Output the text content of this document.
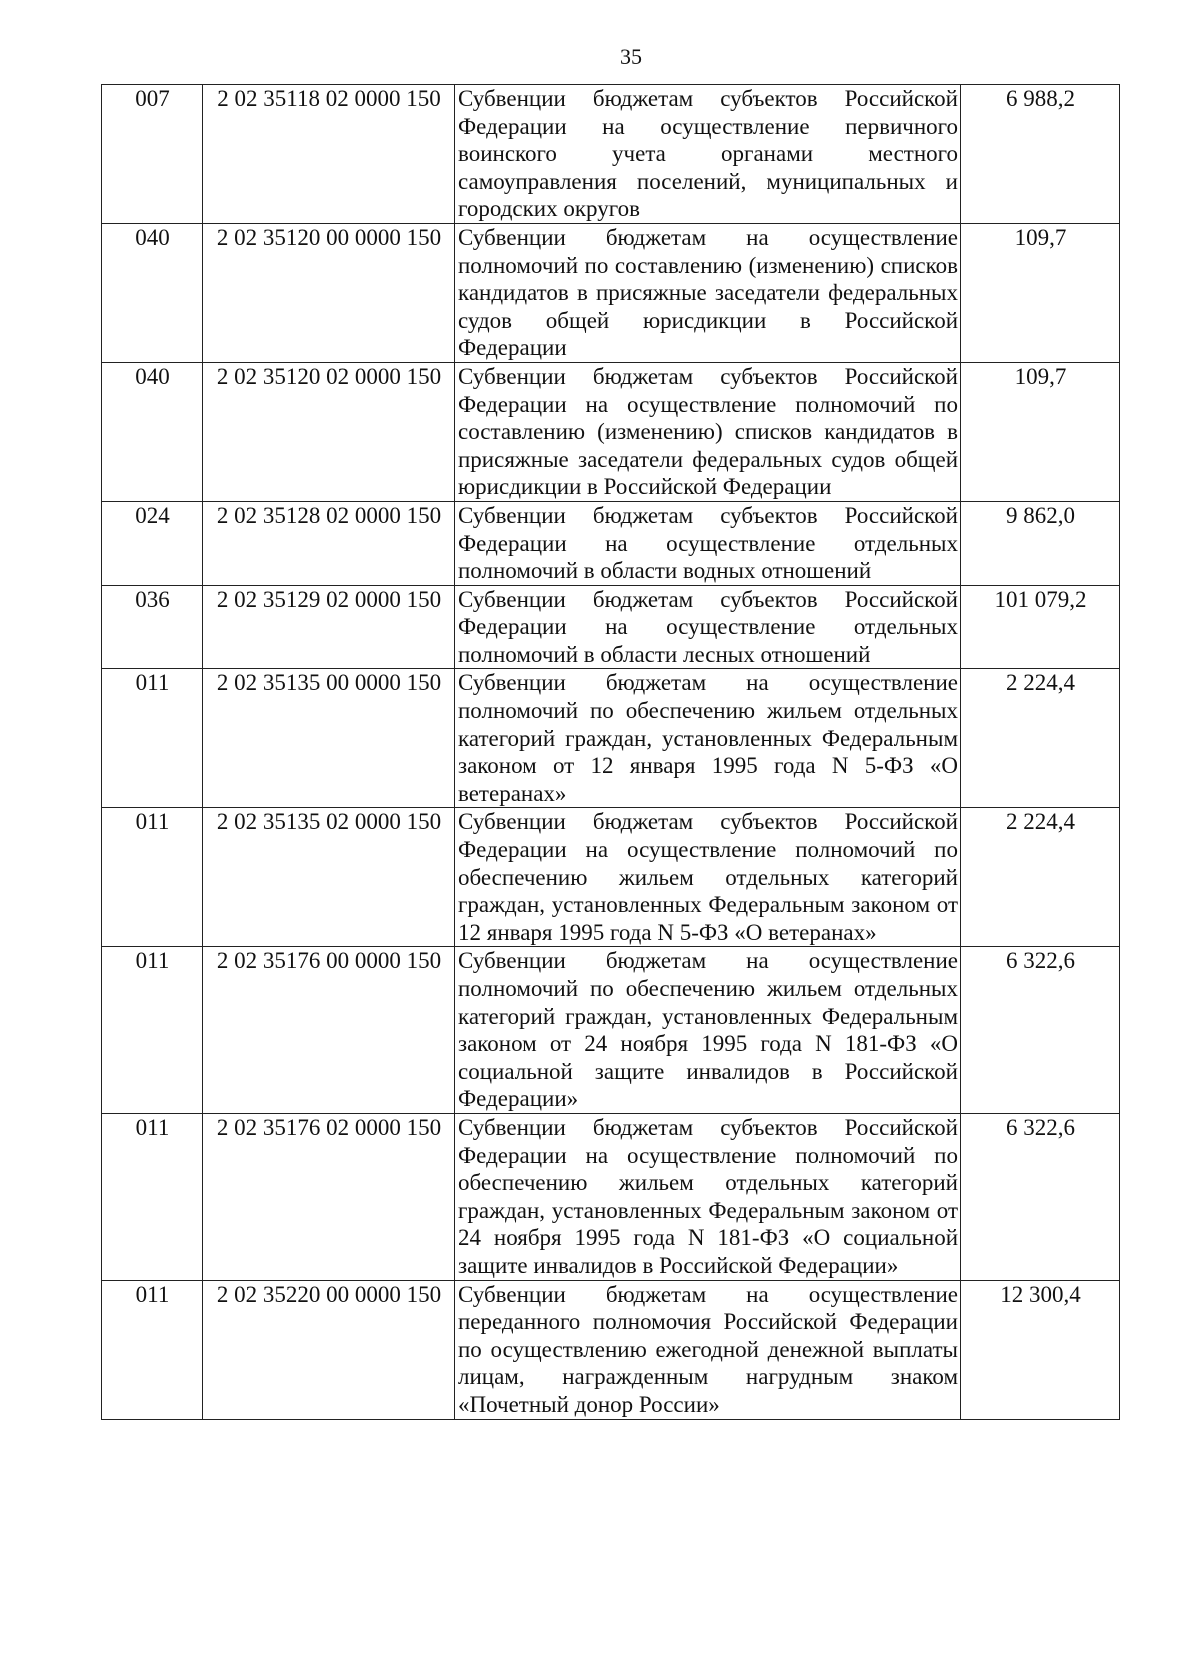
35
007	2 02 35118 02 0000 150	Субвенции бюджетам субъектов Российской Федерации на осуществление первичного воинского учета органами местного самоуправления поселений, муниципальных и городских округов	6 988,2
040	2 02 35120 00 0000 150	Субвенции бюджетам на осуществление полномочий по составлению (изменению) списков кандидатов в присяжные заседатели федеральных судов общей юрисдикции в Российской Федерации	109,7
040	2 02 35120 02 0000 150	Субвенции бюджетам субъектов Российской Федерации на осуществление полномочий по составлению (изменению) списков кандидатов в присяжные заседатели федеральных судов общей юрисдикции в Российской Федерации	109,7
024	2 02 35128 02 0000 150	Субвенции бюджетам субъектов Российской Федерации на осуществление отдельных полномочий в области водных отношений	9 862,0
036	2 02 35129 02 0000 150	Субвенции бюджетам субъектов Российской Федерации на осуществление отдельных полномочий в области лесных отношений	101 079,2
011	2 02 35135 00 0000 150	Субвенции бюджетам на осуществление полномочий по обеспечению жильем отдельных категорий граждан, установленных Федеральным законом от 12 января 1995 года N 5-ФЗ «О ветеранах»	2 224,4
011	2 02 35135 02 0000 150	Субвенции бюджетам субъектов Российской Федерации на осуществление полномочий по обеспечению жильем отдельных категорий граждан, установленных Федеральным законом от 12 января 1995 года N 5-ФЗ «О ветеранах»	2 224,4
011	2 02 35176 00 0000 150	Субвенции бюджетам на осуществление полномочий по обеспечению жильем отдельных категорий граждан, установленных Федеральным законом от 24 ноября 1995 года N 181-ФЗ «О социальной защите инвалидов в Российской Федерации»	6 322,6
011	2 02 35176 02 0000 150	Субвенции бюджетам субъектов Российской Федерации на осуществление полномочий по обеспечению жильем отдельных категорий граждан, установленных Федеральным законом от 24 ноября 1995 года N 181-ФЗ «О социальной защите инвалидов в Российской Федерации»	6 322,6
011	2 02 35220 00 0000 150	Субвенции бюджетам на осуществление переданного полномочия Российской Федерации по осуществлению ежегодной денежной выплаты лицам, награжденным нагрудным знаком «Почетный донор России»	12 300,4
